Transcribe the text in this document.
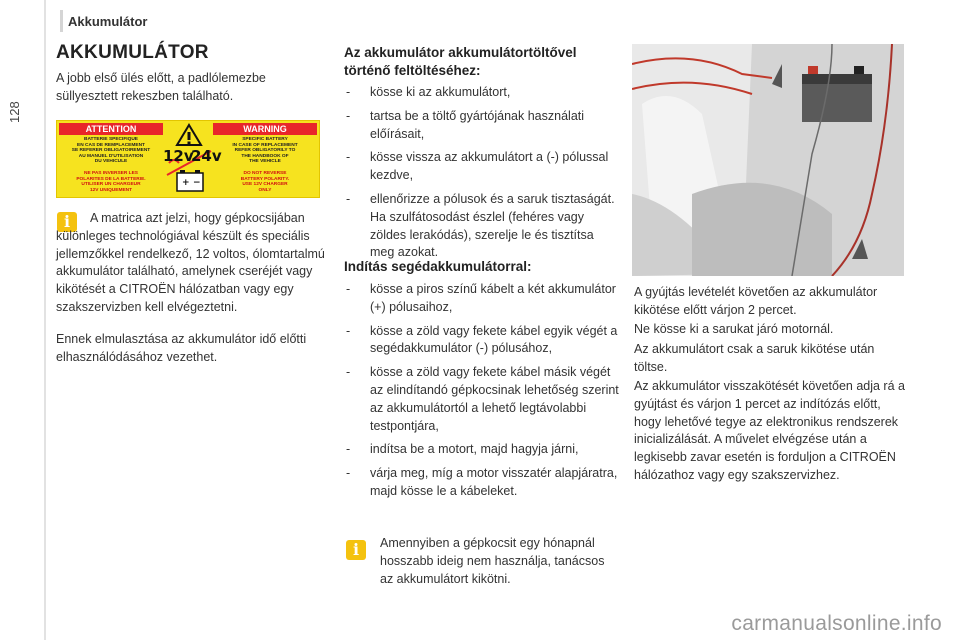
128
Akkumulátor
AKKUMULÁTOR

A jobb első ülés előtt, a padlólemezbe süllyesztett rekeszben található.

ATTENTION	WARNING
BATTERIE SPECIFIQUE
EN CAS DE REMPLACEMENT
SE REFERER OBLIGATOIREMENT
AU MANUEL D'UTILISATION
DU VEHICULE
SPECIFIC BATTERY
IN CASE OF REPLACEMENT
REFER OBLIGATORILY TO
THE HANDBOOK OF
THE VEHICLE
NE PAS INVERSER LES
POLARITES DE LA BATTERIE.
UTILISER UN CHARGEUR
12V UNIQUEMENT
DO NOT REVERSE
BATTERY POLARITY.
USE 12V CHARGER
ONLY
+ −
12v
24v
i	A matrica azt jelzi, hogy gépkocsijában különleges technológiával készült és speciális jellemzőkkel rendelkező, 12 voltos, ólomtartalmú akkumulátor található, amelynek cseréjét vagy kikötését a CITROËN hálózatban vagy egy szakszervizben kell elvégeztetni.

Ennek elmulasztása az akkumulátor idő előtti elhasználódásához vezethet.

Az akkumulátor akkumulátortöltővel történő feltöltéséhez:
- kösse ki az akkumulátort,
- tartsa be a töltő gyártójának használati előírásait,
- kösse vissza az akkumulátort a (-) pólussal kezdve,
- ellenőrizze a pólusok és a saruk tisztaságát. Ha szulfátosodást észlel (fehéres vagy zöldes lerakódás), szerelje le és tisztítsa meg azokat.
Indítás segédakkumulátorral:
- kösse a piros színű kábelt a két akkumulátor (+) pólusaihoz,
- kösse a zöld vagy fekete kábel egyik végét a segédakkumulátor (-) pólusához,
- kösse a zöld vagy fekete kábel másik végét az elindítandó gépkocsinak lehetőség szerint az akkumulátortól a lehető legtávolabbi testpontjára,
- indítsa be a motort, majd hagyja járni,
- várja meg, míg a motor visszatér alapjáratra, majd kösse le a kábeleket.
i	Amennyiben a gépkocsit egy hónapnál hosszabb ideig nem használja, tanácsos az akkumulátort kikötni.

A gyújtás levételét követően az akkumulátor kikötése előtt várjon 2 percet.

Ne kösse ki a sarukat járó motornál.

Az akkumulátort csak a saruk kikötése után töltse.

Az akkumulátor visszakötését követően adja rá a gyújtást és várjon 1 percet az indítózás előtt, hogy lehetővé tegye az elektronikus rendszerek inicializálását. A művelet elvégzése után a legkisebb zavar esetén is forduljon a CITROËN hálózathoz vagy egy szakszervizhez.

carmanualsonline.info
